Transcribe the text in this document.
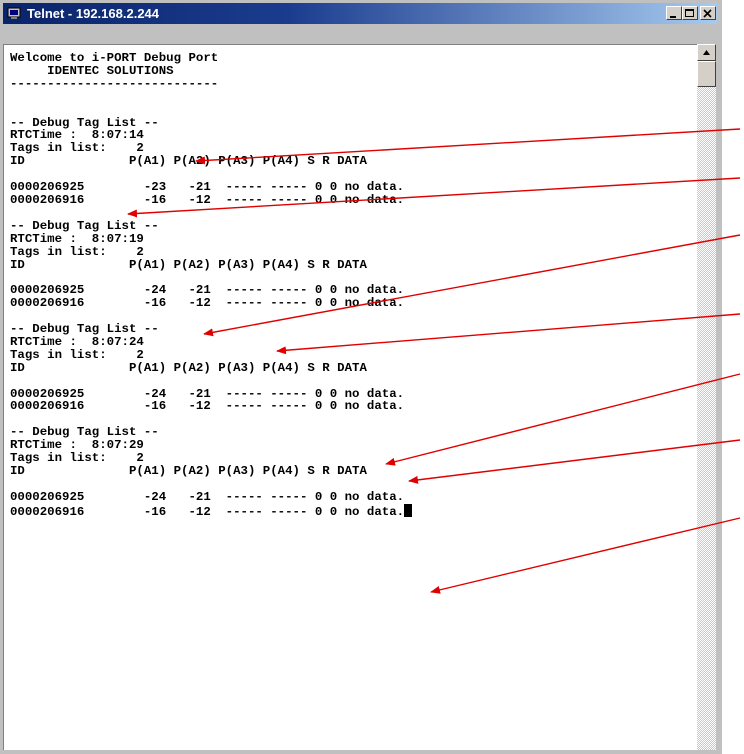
Telnet - 192.168.2.244
Welcome to i-PORT Debug Port
IDENTEC SOLUTIONS
----------------------------

-- Debug Tag List --
RTCTime :  8:07:14
Tags in list:    2
ID              P(A1) P(A2) P(A3) P(A4) S R DATA

0000206925        -23   -21  ----- ----- 0 0 no data.
0000206916        -16   -12  ----- ----- 0 0 no data.

-- Debug Tag List --
RTCTime :  8:07:19
Tags in list:    2
ID              P(A1) P(A2) P(A3) P(A4) S R DATA

0000206925        -24   -21  ----- ----- 0 0 no data.
0000206916        -16   -12  ----- ----- 0 0 no data.

-- Debug Tag List --
RTCTime :  8:07:24
Tags in list:    2
ID              P(A1) P(A2) P(A3) P(A4) S R DATA

0000206925        -24   -21  ----- ----- 0 0 no data.
0000206916        -16   -12  ----- ----- 0 0 no data.

-- Debug Tag List --
RTCTime :  8:07:29
Tags in list:    2
ID              P(A1) P(A2) P(A3) P(A4) S R DATA

0000206925        -24   -21  ----- ----- 0 0 no data.
0000206916        -16   -12  ----- ----- 0 0 no data.
